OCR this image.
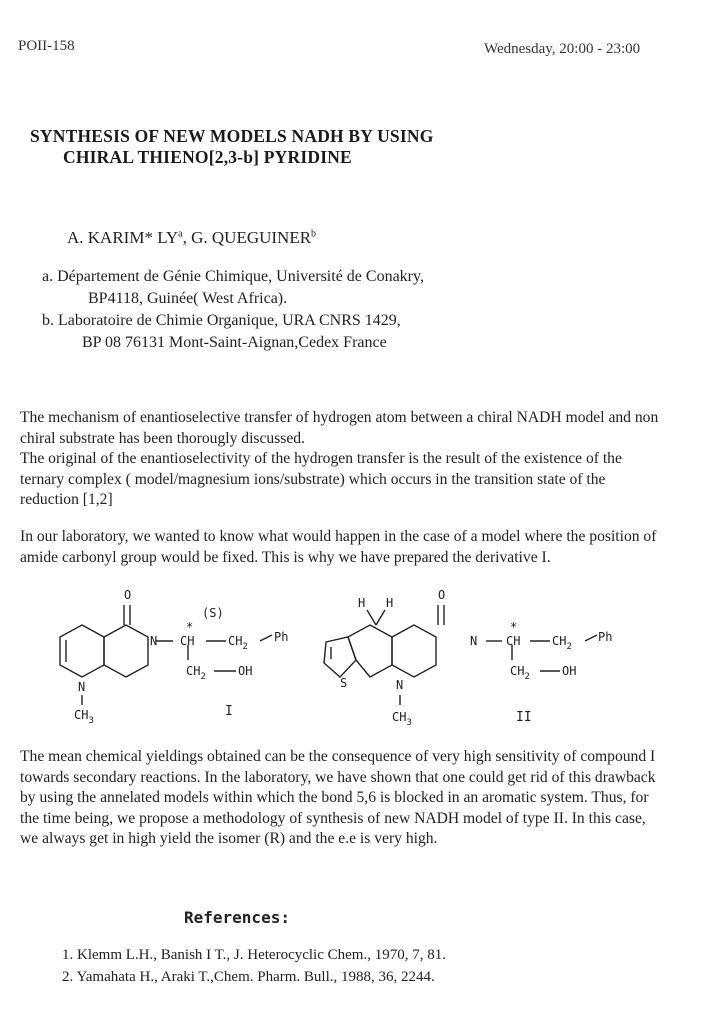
POII-158	Wednesday, 20:00 - 23:00
SYNTHESIS OF NEW MODELS NADH BY USING
CHIRAL THIENO[2,3-b] PYRIDINE
A. KARIM* $LY^a$, G. QUEGUINER$^b$
a. Département de Génie Chimique, Université de Conakry,
BP4118, Guinée( West Africa).
b. Laboratoire de Chimie Organique, URA CNRS 1429,
BP 08 76131 Mont-Saint-Aignan,Cedex France

The mechanism of enantioselective transfer of hydrogen atom between a chiral NADH model and non chiral substrate has been thorougly discussed.

The original of the enantioselectivity of the hydrogen transfer is the result of the existence of the ternary complex ( model/magnesium ions/substrate) which occurs in the transition state of the reduction [1,2]

In our laboratory, we wanted to know what would happen in the case of a model where the position of amide carbonyl group would be fixed. This is why we have prepared the derivative I.

O
(S)
*
N CH	$CH_2$
Ph
$CH_2$	OH
N
$CH_3$
I
H H
O
*
N CH	$CH_2$
Ph
$CH_2$	OH
S	N
$CH_3$	II

The mean chemical yieldings obtained can be the consequence of very high sensitivity of compound I towards secondary reactions. In the laboratory, we have shown that one could get rid of this drawback by using the annelated models within which the bond 5,6 is blocked in an aromatic system. Thus, for the time being, we propose a methodology of synthesis of new NADH model of type II. In this case, we always get in high yield the isomer (R) and the e.e is very high.

References:
1. Klemm L.H., Banish I T., J. Heterocyclic Chem., 1970, 7, 81.
2. Yamahata H., Araki T.,Chem. Pharm. Bull., 1988, 36, 2244.
